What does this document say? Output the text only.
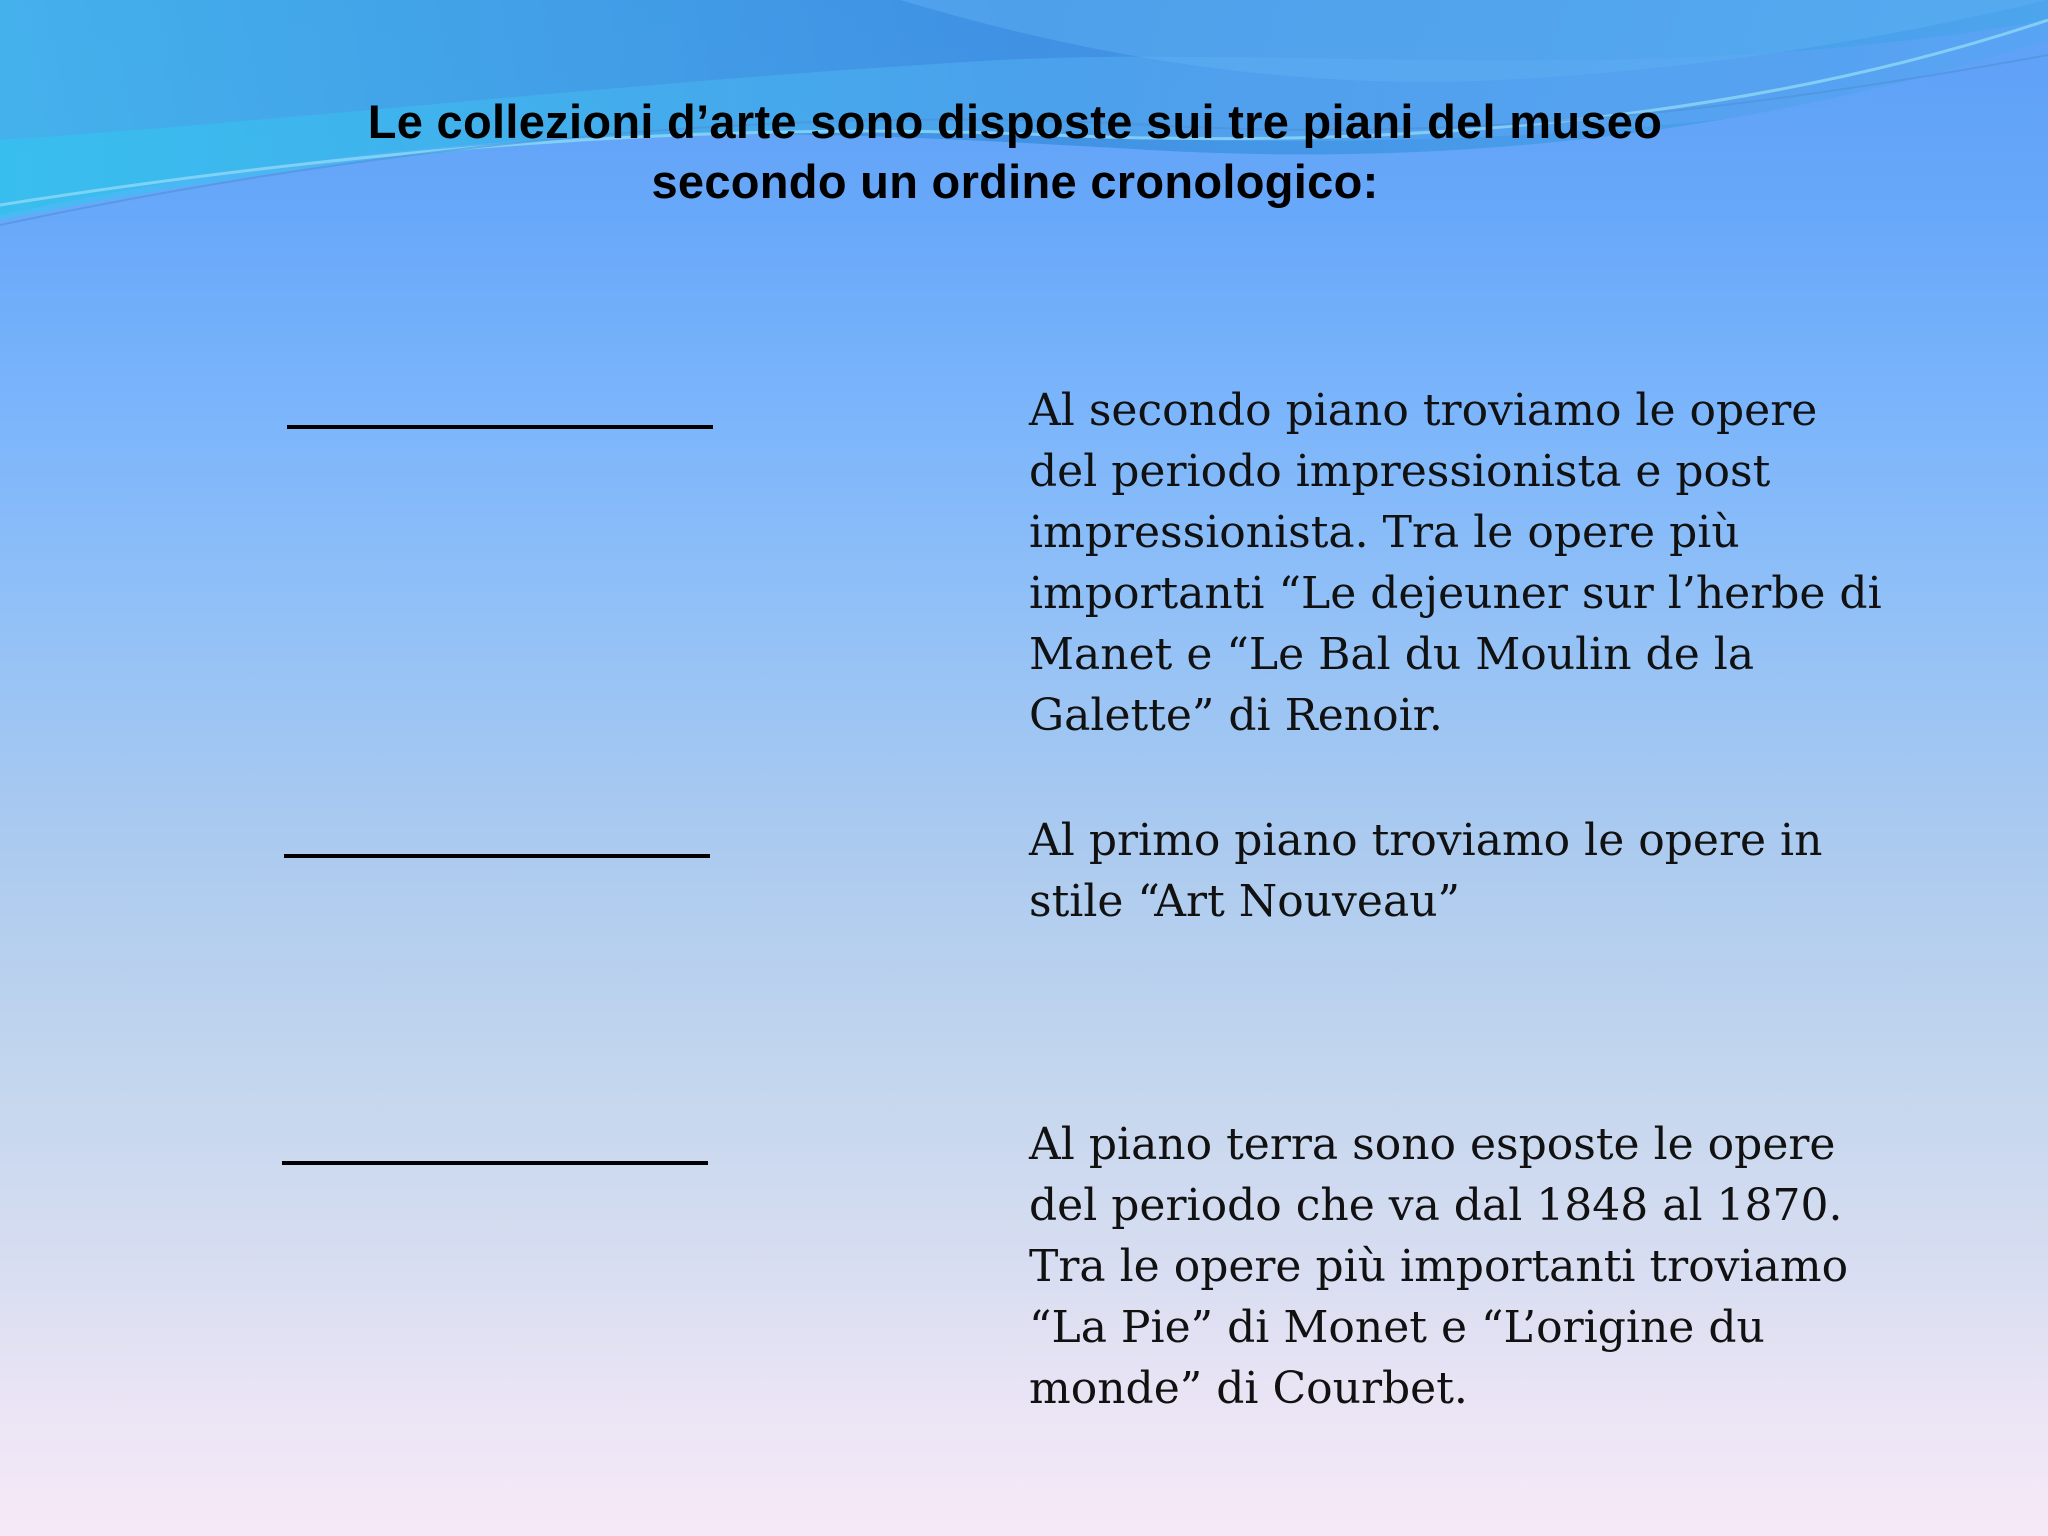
Le collezioni d’arte sono disposte sui tre piani del museo
secondo un ordine cronologico:
Al secondo piano troviamo le opere
del periodo impressionista e post
impressionista. Tra le opere più
importanti “Le dejeuner sur l’herbe di
Manet e “Le Bal du Moulin de la
Galette” di Renoir.
Al primo piano troviamo le opere in
stile “Art Nouveau”
Al piano terra sono esposte le opere
del periodo che va dal 1848 al 1870.
Tra le opere più importanti troviamo
“La Pie” di Monet e “L’origine du
monde” di Courbet.
